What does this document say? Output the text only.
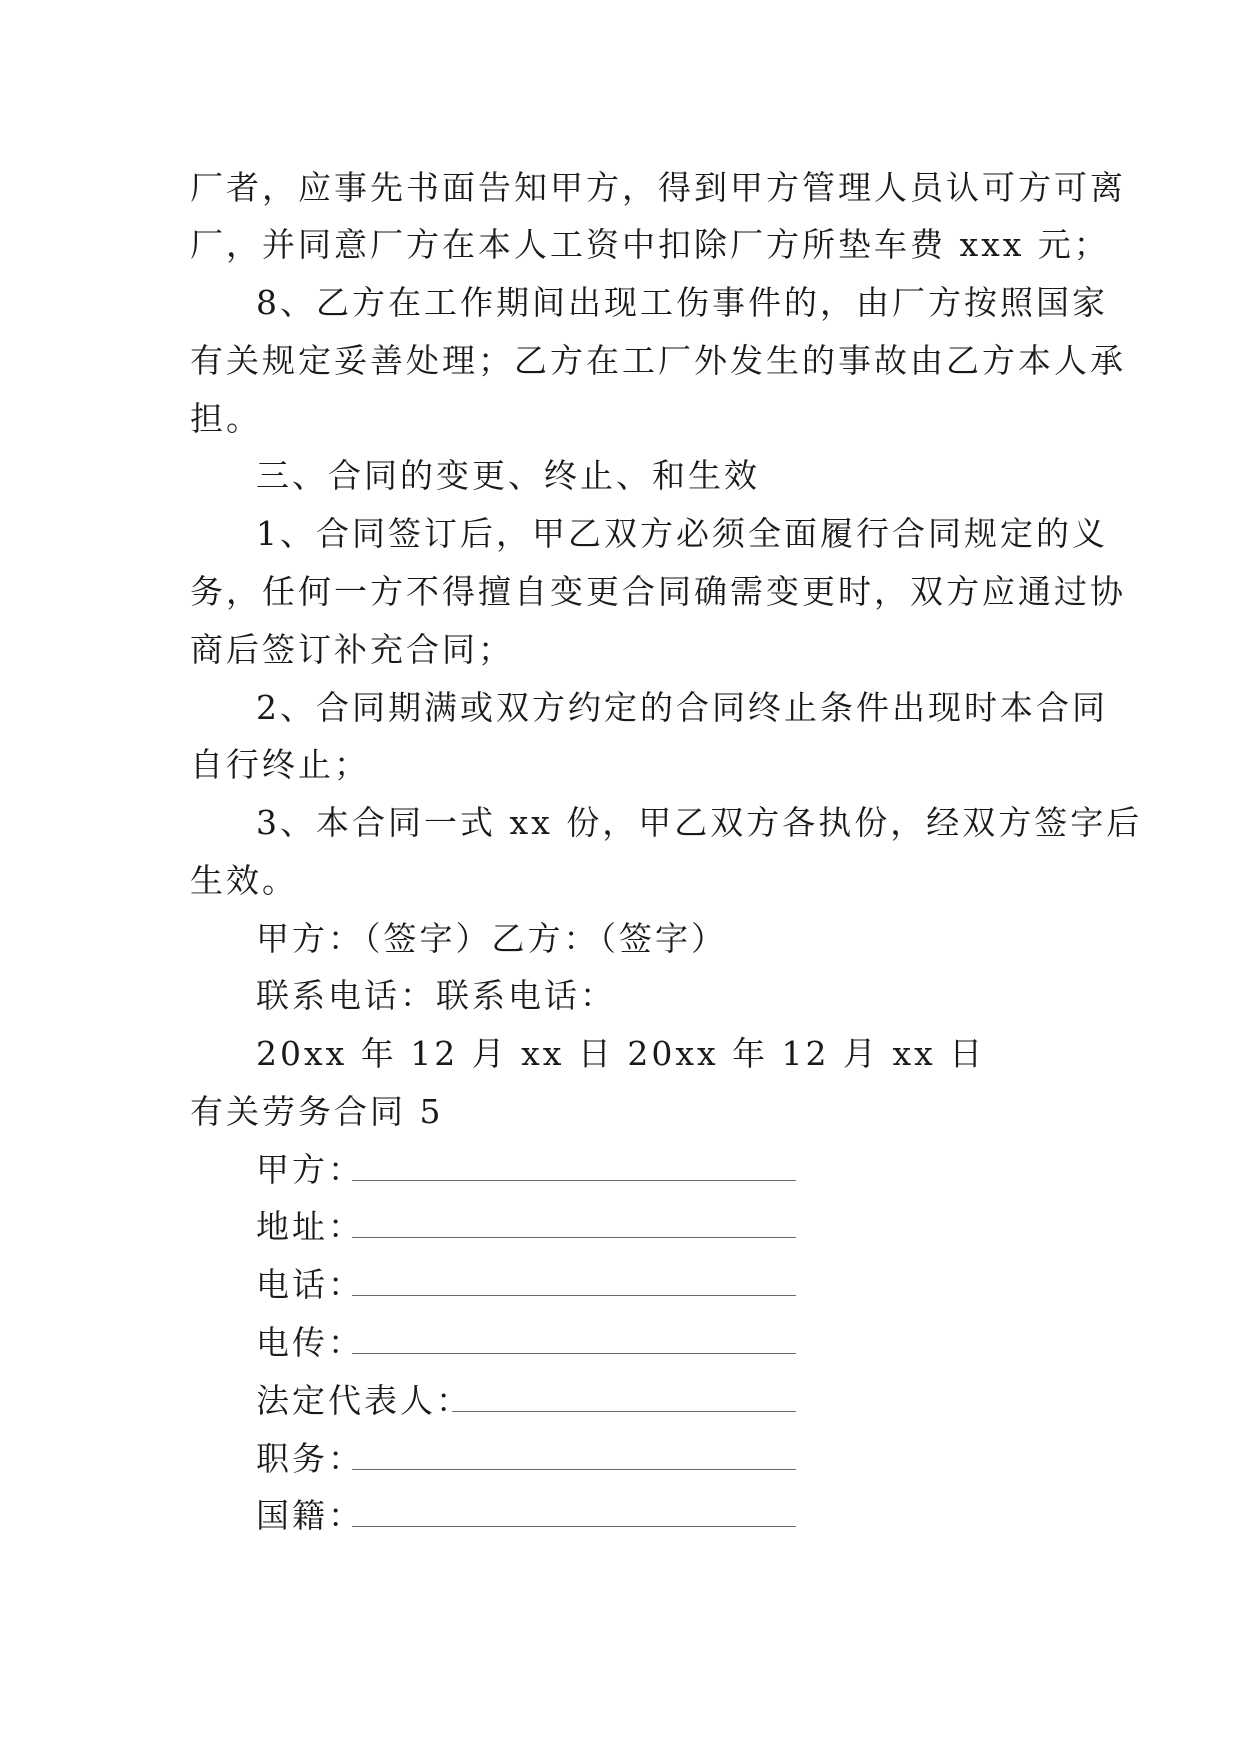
厂者，应事先书面告知甲方，得到甲方管理人员认可方可离
厂，并同意厂方在本人工资中扣除厂方所垫车费 xxx 元；
8、乙方在工作期间出现工伤事件的，由厂方按照国家
有关规定妥善处理；乙方在工厂外发生的事故由乙方本人承
担。
三、合同的变更、终止、和生效
1、合同签订后，甲乙双方必须全面履行合同规定的义
务，任何一方不得擅自变更合同确需变更时，双方应通过协
商后签订补充合同；
2、合同期满或双方约定的合同终止条件出现时本合同
自行终止；
3、本合同一式 xx 份，甲乙双方各执份，经双方签字后
生效。
甲方：（签字）乙方：（签字）
联系电话：联系电话：
20xx 年 12 月 xx 日 20xx 年 12 月 xx 日
有关劳务合同 5
甲方：
地址：
电话：
电传：
法定代表人：
职务：
国籍：
